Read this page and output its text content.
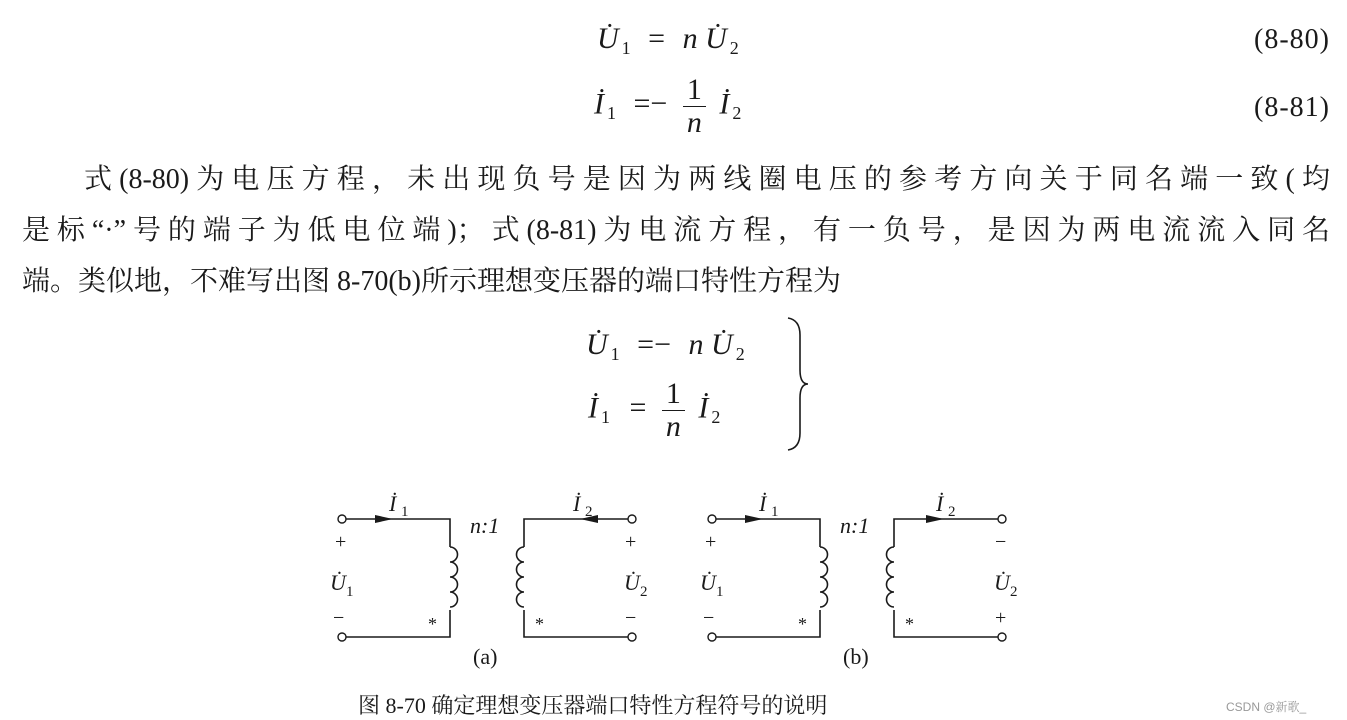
U̇ $_1$ = n U̇ $_2$	(8-80)
İ $_1 =- \frac{1}{n}$ İ $_2$	(8-81)
式(8-80)为电压方程，未出现负号是因为两线圈电压的参考方向关于同名端一致(均
是标“·”号的端子为低电位端)；式(8-81)为电流方程，有一负号，是因为两电流流入同名
端。类似地，不难写出图 8-70(b)所示理想变压器的端口特性方程为
U̇ $_1$ =− n U̇ $_2$
İ $_1 = \frac{1}{n}$ İ $_2$
İ 1	İ 2
n:1
+
U̇ 1
−	*	*
+
U̇ 2
−
(a)
İ 1	İ 2
n:1
+
U̇ 1
−	*	*
−
U̇ 2
+
(b)
图 8-70 确定理想变压器端口特性方程符号的说明	CSDN @新歌_
